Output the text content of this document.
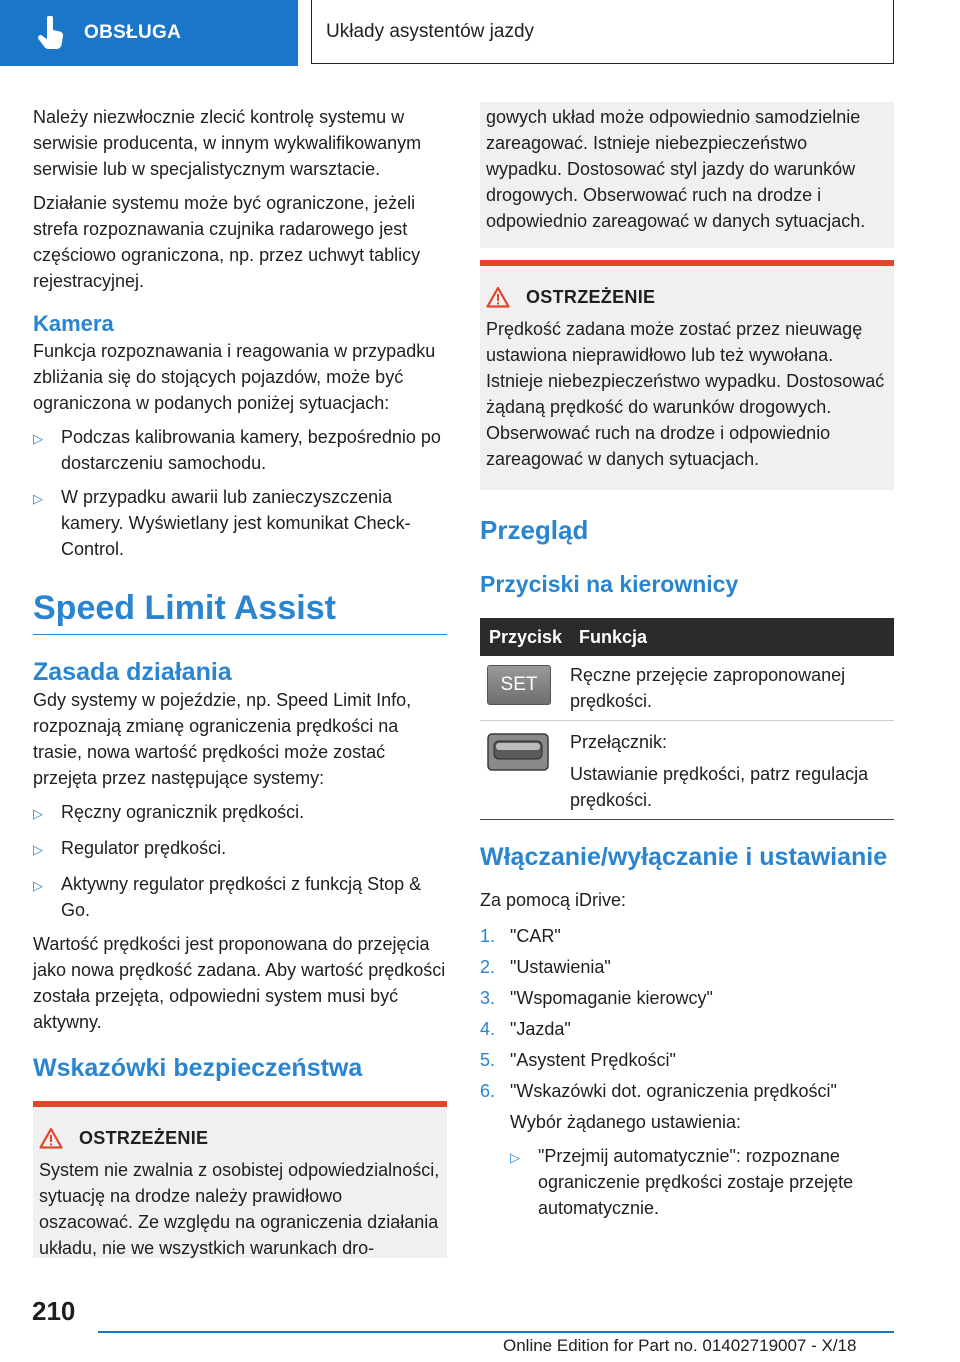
OBSŁUGA	Układy asystentów jazdy

Należy niezwłocznie zlecić kontrolę systemu w serwisie producenta, w innym wykwalifikowanym serwisie lub w specjalistycznym warsztacie.

Działanie systemu może być ograniczone, jeżeli strefa rozpoznawania czujnika radarowego jest częściowo ograniczona, np. przez uchwyt tablicy rejestracyjnej.

Kamera

Funkcja rozpoznawania i reagowania w przypadku zbliżania się do stojących pojazdów, może być ograniczona w podanych poniżej sytuacjach:

▷	Podczas kalibrowania kamery, bezpośrednio po dostarczeniu samochodu.
▷	W przypadku awarii lub zanieczyszczenia kamery. Wyświetlany jest komunikat Check-Control.
Speed Limit Assist
Zasada działania

Gdy systemy w pojeździe, np. Speed Limit Info, rozpoznają zmianę ograniczenia prędkości na trasie, nowa wartość prędkości może zostać przejęta przez następujące systemy:

▷	Ręczny ogranicznik prędkości.
▷	Regulator prędkości.
▷	Aktywny regulator prędkości z funkcją Stop & Go.

Wartość prędkości jest proponowana do przejęcia jako nowa prędkość zadana. Aby wartość prędkości została przejęta, odpowiedni system musi być aktywny.

Wskazówki bezpieczeństwa
OSTRZEŻENIE

System nie zwalnia z osobistej odpowiedzialności, sytuację na drodze należy prawidłowo oszacować. Ze względu na ograniczenia działania układu, nie we wszystkich warunkach dro-

gowych układ może odpowiednio samodzielnie zareagować. Istnieje niebezpieczeństwo wypadku. Dostosować styl jazdy do warunków drogowych. Obserwować ruch na drodze i odpowiednio zareagować w danych sytuacjach.

OSTRZEŻENIE

Prędkość zadana może zostać przez nieuwagę ustawiona nieprawidłowo lub też wywołana. Istnieje niebezpieczeństwo wypadku. Dostosować żądaną prędkość do warunków drogowych. Obserwować ruch na drodze i odpowiednio zareagować w danych sytuacjach.

Przegląd
Przyciski na kierownicy
Przycisk Funkcja
SET	Ręczne przejęcie zaproponowanej prędkości.
Przełącznik:
Ustawianie prędkości, patrz regulacja prędkości.
Włączanie/wyłączanie i ustawianie

Za pomocą iDrive:

1. "CAR"
2. "Ustawienia"
3. "Wspomaganie kierowcy"
4. "Jazda"
5. "Asystent Prędkości"
6. "Wskazówki dot. ograniczenia prędkości"

Wybór żądanego ustawienia:

▷	"Przejmij automatycznie": rozpoznane ograniczenie prędkości zostaje przejęte automatycznie.
210
Online Edition for Part no. 01402719007 - X/18
